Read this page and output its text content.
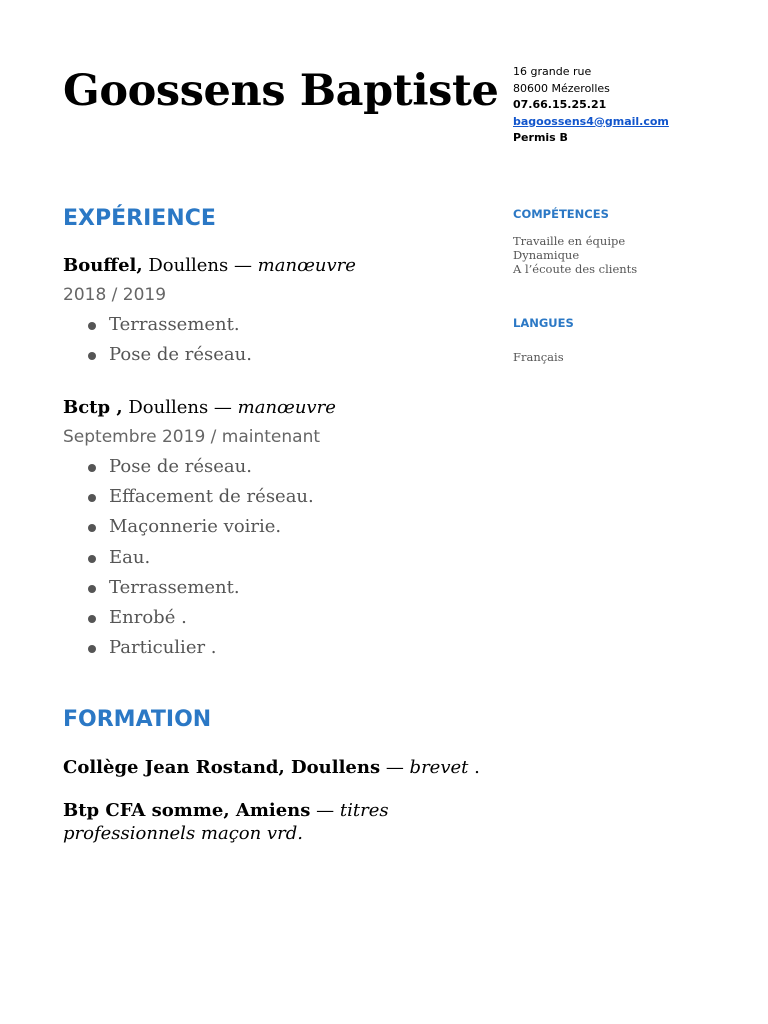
Goossens Baptiste 16 grande rue
80600 Mézerolles
07.66.15.25.21
bagoossens4@gmail.com
Permis B
EXPÉRIENCE
Bouffel, Doullens — manœuvre
2018 / 2019
Terrassement.
Pose de réseau.
Bctp , Doullens — manœuvre
Septembre 2019 / maintenant
Pose de réseau.
Effacement de réseau.
Maçonnerie voirie.
Eau.
Terrassement.
Enrobé .
Particulier .
FORMATION
Collège Jean Rostand, Doullens — brevet .
Btp CFA somme, Amiens — titres professionnels maçon vrd.
COMPÉTENCES
Travaille en équipe
Dynamique
A l’écoute des clients
LANGUES
Français
